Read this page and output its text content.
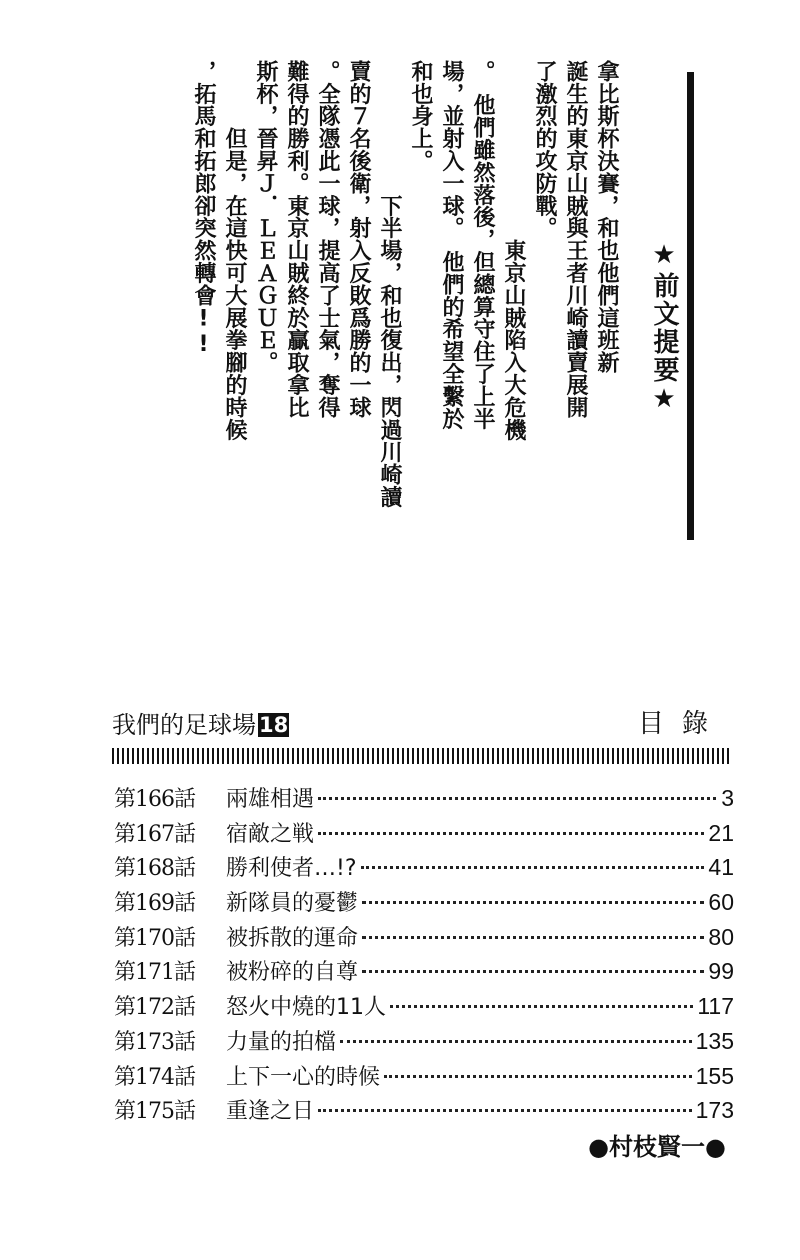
★前文提要★
拿比斯杯決賽，和也他們這班新
誕生的東京山賊與王者川崎讀賣展開
了激烈的攻防戰。
　　　　　　　　東京山賊陷入大危機
。　他們雖然落後，但總算守住了上半
場，並射入一球。　他們的希望全繫於
和也身上。
　　　　　　下半場，和也復出，閃過川崎讀
賣的７名後衛，射入反敗爲勝的一球
。全隊憑此一球，提高了士氣，奪得
難得的勝利。東京山賊終於贏取拿比
斯杯，晉昇Ｊ．ＬＥＡＧＵＥ。
　　　但是，在這快可大展拳腳的時候
，拓馬和拓郎卻突然轉會!!
我們的足球場 18	目錄
第166話	兩雄相遇	3
第167話	宿敵之戦	21
第168話	勝利使者…!?	41
第169話	新隊員的憂鬱	60
第170話	被拆散的運命	80
第171話	被粉碎的自尊	99
第172話	怒火中燒的11人	117
第173話	力量的拍檔	135
第174話	上下一心的時候	155
第175話	重逢之日	173
●村枝賢一●
